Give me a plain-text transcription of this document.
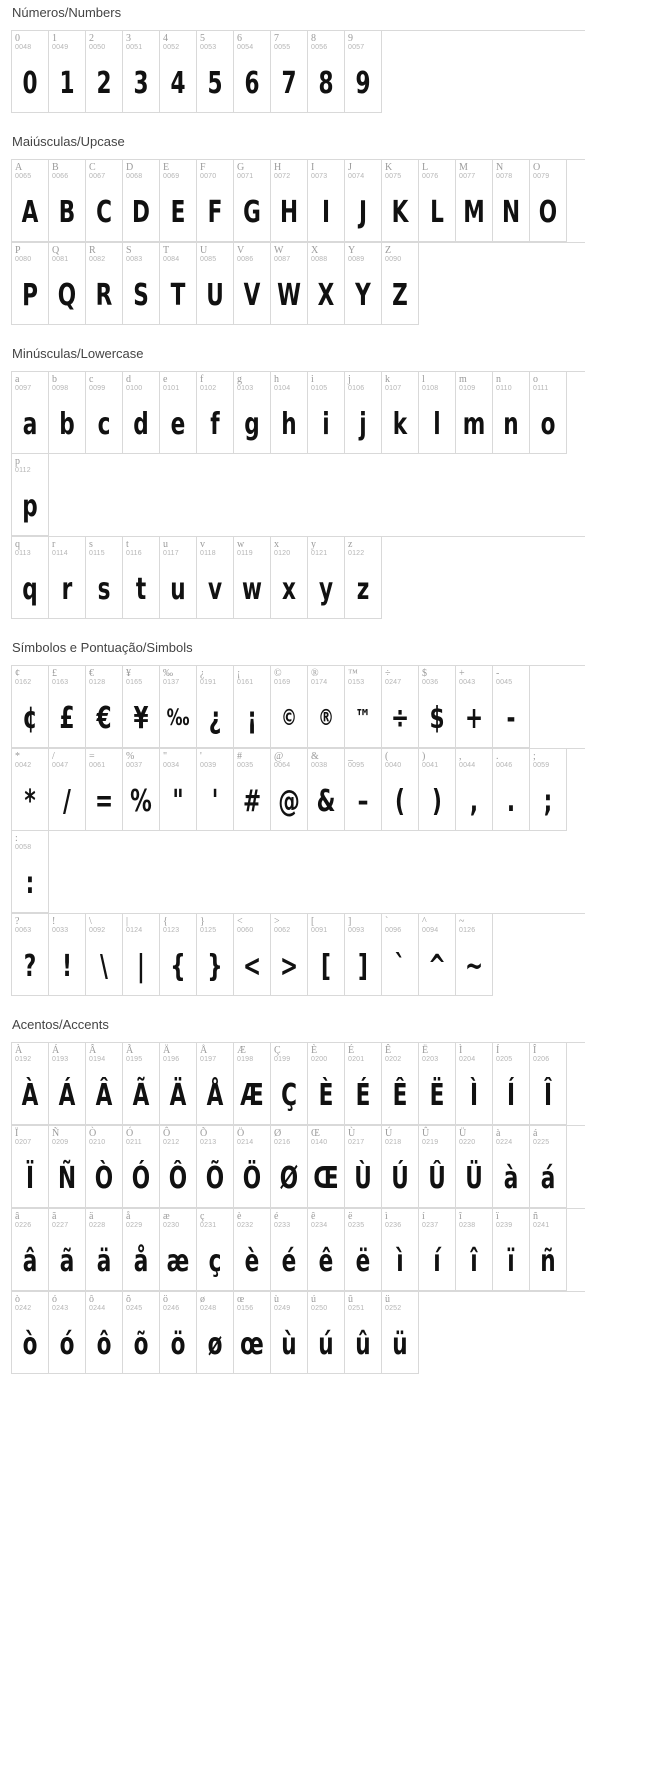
Números/Numbers
0
0048
0
1
0049
1
2
0050
2
3
0051
3
4
0052
4
5
0053
5
6
0054
6
7
0055
7
8
0056
8
9
0057
9
Maiúsculas/Upcase
A
0065
A
B
0066
B
C
0067
C
D
0068
D
E
0069
E
F
0070
F
G
0071
G
H
0072
H
I
0073
I
J
0074
J
K
0075
K
L
0076
L
M
0077
M
N
0078
N
O
0079
O
P
0080
P
Q
0081
Q
R
0082
R
S
0083
S
T
0084
T
U
0085
U
V
0086
V
W
0087
W
X
0088
X
Y
0089
Y
Z
0090
Z
Minúsculas/Lowercase
a
0097
a
b
0098
b
c
0099
c
d
0100
d
e
0101
e
f
0102
f
g
0103
g
h
0104
h
i
0105
i
j
0106
j
k
0107
k
l
0108
l
m
0109
m
n
0110
n
o
0111
o
p
0112
p
q
0113
q
r
0114
r
s
0115
s
t
0116
t
u
0117
u
v
0118
v
w
0119
w
x
0120
x
y
0121
y
z
0122
z
Símbolos e Pontuação/Simbols
¢
0162
¢
£
0163
£
€
0128
€
¥
0165
¥
‰
0137
‰
¿
0191
¿
¡
0161
¡
©
0169
©
®
0174
®
™
0153
™
÷
0247
÷
$
0036
$
+
0043
+
-
0045
-
*
0042
*
/
0047
/
=
0061
=
%
0037
%
"
0034
"
'
0039
'
#
0035
#
@
0064
@
&
0038
&
_
0095
–
(
0040
(
)
0041
)
,
0044
,
.
0046
.
;
0059
;
:
0058
:
?
0063
?
!
0033
!
\
0092
\
|
0124
|
{
0123
{
}
0125
}
<
0060
<
>
0062
>
[
0091
[
]
0093
]
`
0096
`
^
0094
^
~
0126
~
Acentos/Accents
À
0192
À
Á
0193
Á
Â
0194
Â
Ã
0195
Ã
Ä
0196
Ä
Å
0197
Å
Æ
0198
Æ
Ç
0199
Ç
È
0200
È
É
0201
É
Ê
0202
Ê
Ë
0203
Ë
Ì
0204
Ì
Í
0205
Í
Î
0206
Î
Ï
0207
Ï
Ñ
0209
Ñ
Ò
0210
Ò
Ó
0211
Ó
Ô
0212
Ô
Õ
0213
Õ
Ö
0214
Ö
Ø
0216
Ø
Œ
0140
Œ
Ù
0217
Ù
Ú
0218
Ú
Û
0219
Û
Ü
0220
Ü
à
0224
à
á
0225
á
â
0226
â
ã
0227
ã
ä
0228
ä
å
0229
å
æ
0230
æ
ç
0231
ç
è
0232
è
é
0233
é
ê
0234
ê
ë
0235
ë
ì
0236
ì
í
0237
í
î
0238
î
ï
0239
ï
ñ
0241
ñ
ò
0242
ò
ó
0243
ó
ô
0244
ô
õ
0245
õ
ö
0246
ö
ø
0248
ø
œ
0156
œ
ù
0249
ù
ú
0250
ú
û
0251
û
ü
0252
ü
